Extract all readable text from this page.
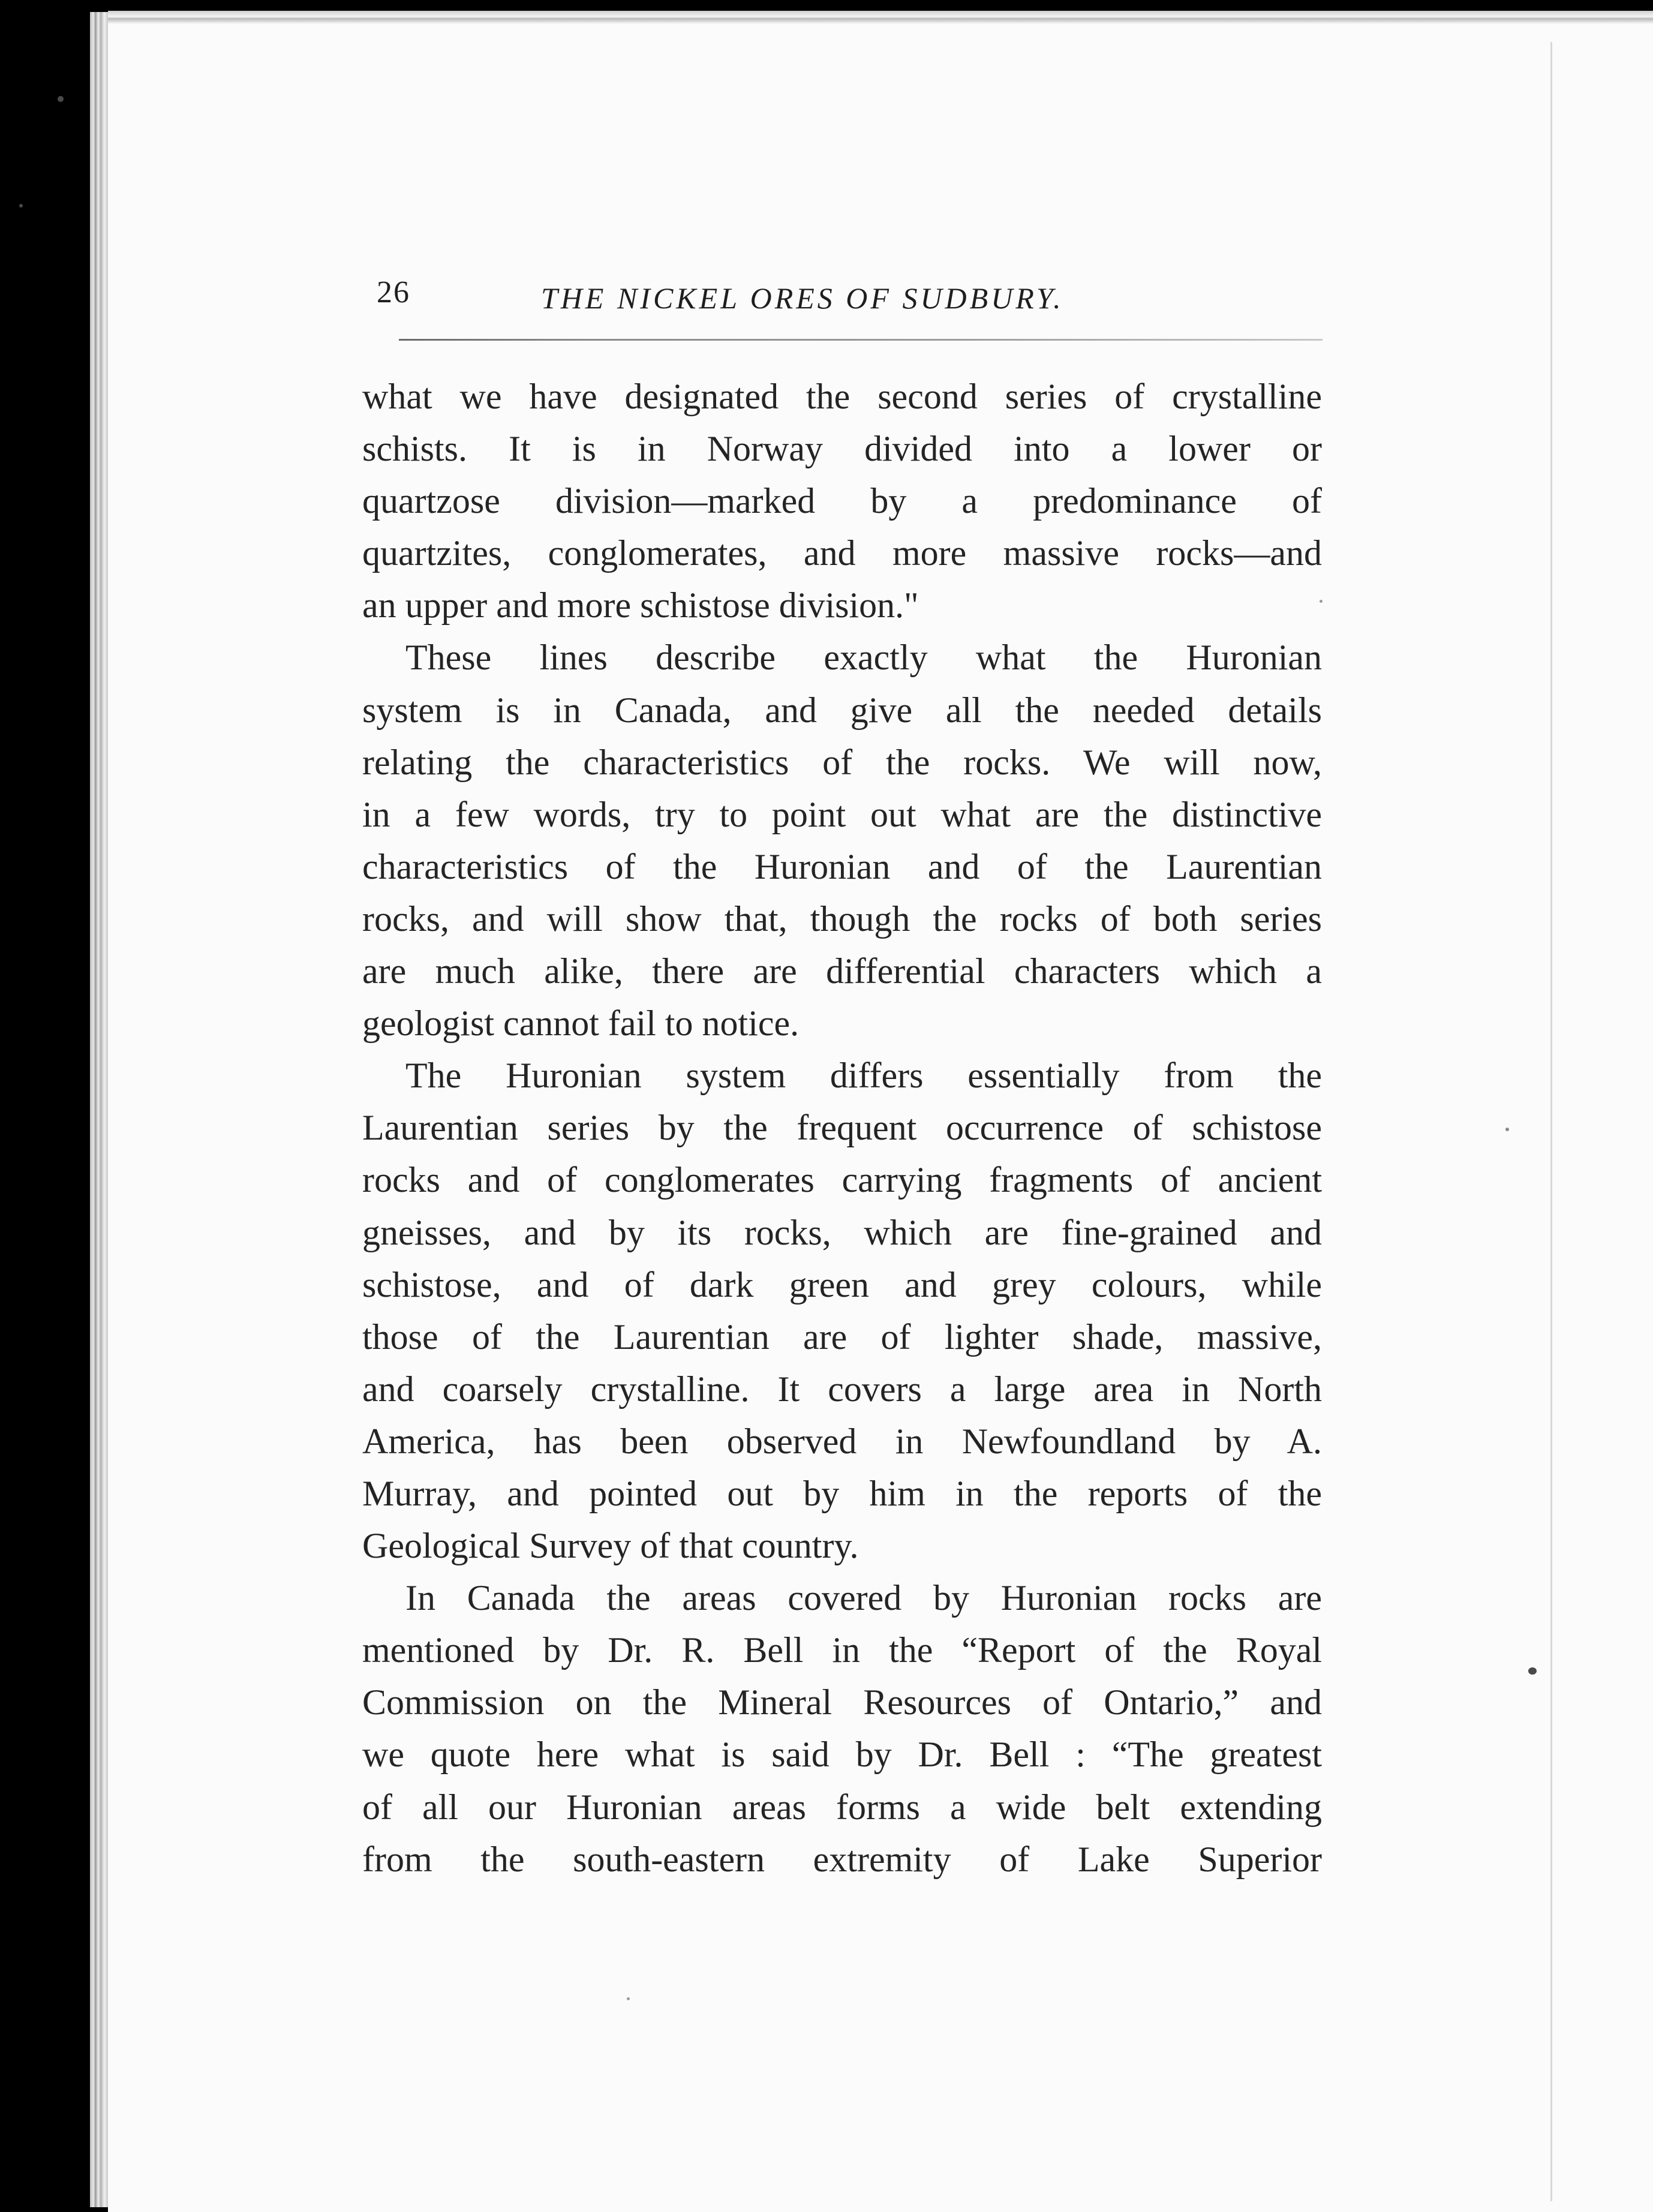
26	THE NICKEL ORES OF SUDBURY.

what we have designated the second series of crystalline
schists. It is in Norway divided into a lower or
quartzose division—marked by a predominance of
quartzites, conglomerates, and more massive rocks—and
an upper and more schistose division."

These lines describe exactly what the Huronian
system is in Canada, and give all the needed details
relating the characteristics of the rocks. We will now,
in a few words, try to point out what are the distinctive
characteristics of the Huronian and of the Laurentian
rocks, and will show that, though the rocks of both series
are much alike, there are differential characters which a
geologist cannot fail to notice.

The Huronian system differs essentially from the
Laurentian series by the frequent occurrence of schistose
rocks and of conglomerates carrying fragments of ancient
gneisses, and by its rocks, which are fine-grained and
schistose, and of dark green and grey colours, while
those of the Laurentian are of lighter shade, massive,
and coarsely crystalline. It covers a large area in North
America, has been observed in Newfoundland by A.
Murray, and pointed out by him in the reports of the
Geological Survey of that country.

In Canada the areas covered by Huronian rocks are
mentioned by Dr. R. Bell in the “Report of the Royal
Commission on the Mineral Resources of Ontario,” and
we quote here what is said by Dr. Bell : “The greatest
of all our Huronian areas forms a wide belt extending
from the south-eastern extremity of Lake Superior
